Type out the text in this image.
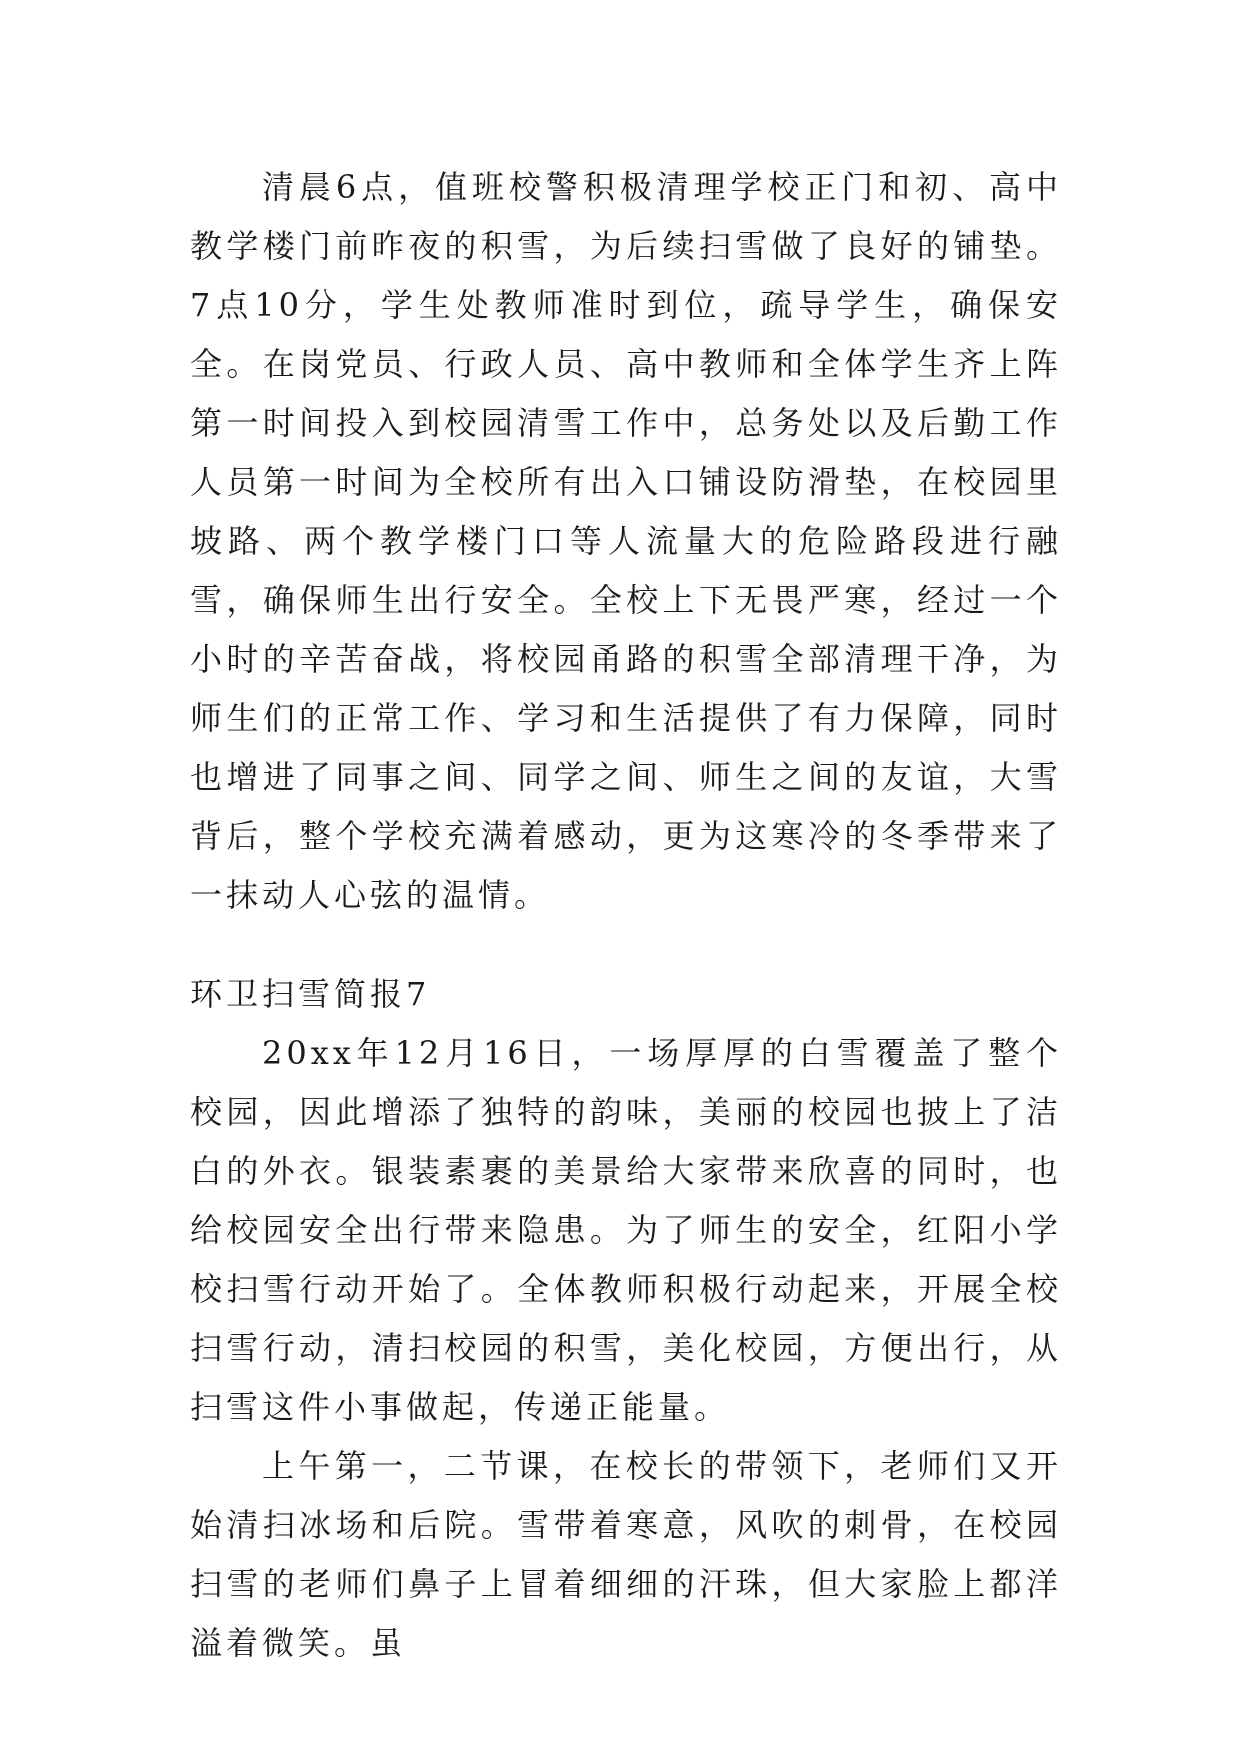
清晨6点，值班校警积极清理学校正门和初、高中教学楼门前昨夜的积雪，为后续扫雪做了良好的铺垫。7点10分，学生处教师准时到位，疏导学生，确保安全。在岗党员、行政人员、高中教师和全体学生齐上阵第一时间投入到校园清雪工作中，总务处以及后勤工作人员第一时间为全校所有出入口铺设防滑垫，在校园里坡路、两个教学楼门口等人流量大的危险路段进行融雪，确保师生出行安全。全校上下无畏严寒，经过一个小时的辛苦奋战，将校园甬路的积雪全部清理干净，为师生们的正常工作、学习和生活提供了有力保障，同时也增进了同事之间、同学之间、师生之间的友谊，大雪背后，整个学校充满着感动，更为这寒冷的冬季带来了一抹动人心弦的温情。

环卫扫雪简报7

20xx年12月16日，一场厚厚的白雪覆盖了整个校园，因此增添了独特的韵味，美丽的校园也披上了洁白的外衣。银装素裹的美景给大家带来欣喜的同时，也给校园安全出行带来隐患。为了师生的安全，红阳小学校扫雪行动开始了。全体教师积极行动起来，开展全校扫雪行动，清扫校园的积雪，美化校园，方便出行，从扫雪这件小事做起，传递正能量。

上午第一，二节课，在校长的带领下，老师们又开始清扫冰场和后院。雪带着寒意，风吹的刺骨，在校园扫雪的老师们鼻子上冒着细细的汗珠，但大家脸上都洋溢着微笑。虽
